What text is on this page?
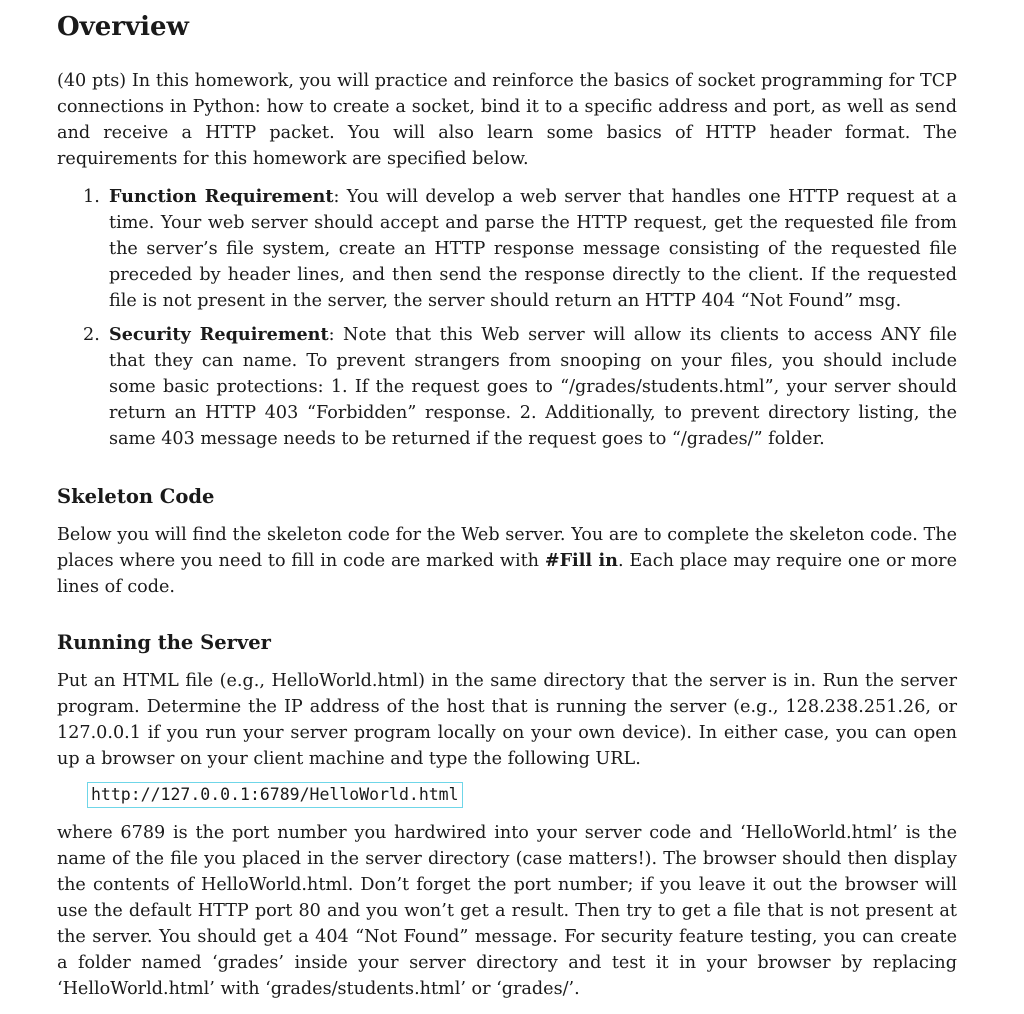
Overview

(40 pts) In this homework, you will practice and reinforce the basics of socket programming for TCP connections in Python: how to create a socket, bind it to a specific address and port, as well as send and receive a HTTP packet. You will also learn some basics of HTTP header format. The requirements for this homework are specified below.

1. Function Requirement: You will develop a web server that handles one HTTP request at a time. Your web server should accept and parse the HTTP request, get the requested file from the server’s file system, create an HTTP response message consisting of the requested file preceded by header lines, and then send the response directly to the client. If the requested file is not present in the server, the server should return an HTTP 404 “Not Found” msg.
2. Security Requirement: Note that this Web server will allow its clients to access ANY file that they can name. To prevent strangers from snooping on your files, you should include some basic protections: 1. If the request goes to “/grades/students.html”, your server should return an HTTP 403 “Forbidden” response. 2. Additionally, to prevent directory listing, the same 403 message needs to be returned if the request goes to “/grades/” folder.
Skeleton Code

Below you will find the skeleton code for the Web server. You are to complete the skeleton code. The places where you need to fill in code are marked with #Fill in. Each place may require one or more lines of code.

Running the Server

Put an HTML file (e.g., HelloWorld.html) in the same directory that the server is in. Run the server program. Determine the IP address of the host that is running the server (e.g., 128.238.251.26, or 127.0.0.1 if you run your server program locally on your own device). In either case, you can open up a browser on your client machine and type the following URL.

http://127.0.0.1:6789/HelloWorld.html

where 6789 is the port number you hardwired into your server code and ‘HelloWorld.html’ is the name of the file you placed in the server directory (case matters!). The browser should then display the contents of HelloWorld.html. Don’t forget the port number; if you leave it out the browser will use the default HTTP port 80 and you won’t get a result. Then try to get a file that is not present at the server. You should get a 404 “Not Found” message. For security feature testing, you can create a folder named ‘grades’ inside your server directory and test it in your browser by replacing ‘HelloWorld.html’ with ‘grades/students.html’ or ‘grades/’.
